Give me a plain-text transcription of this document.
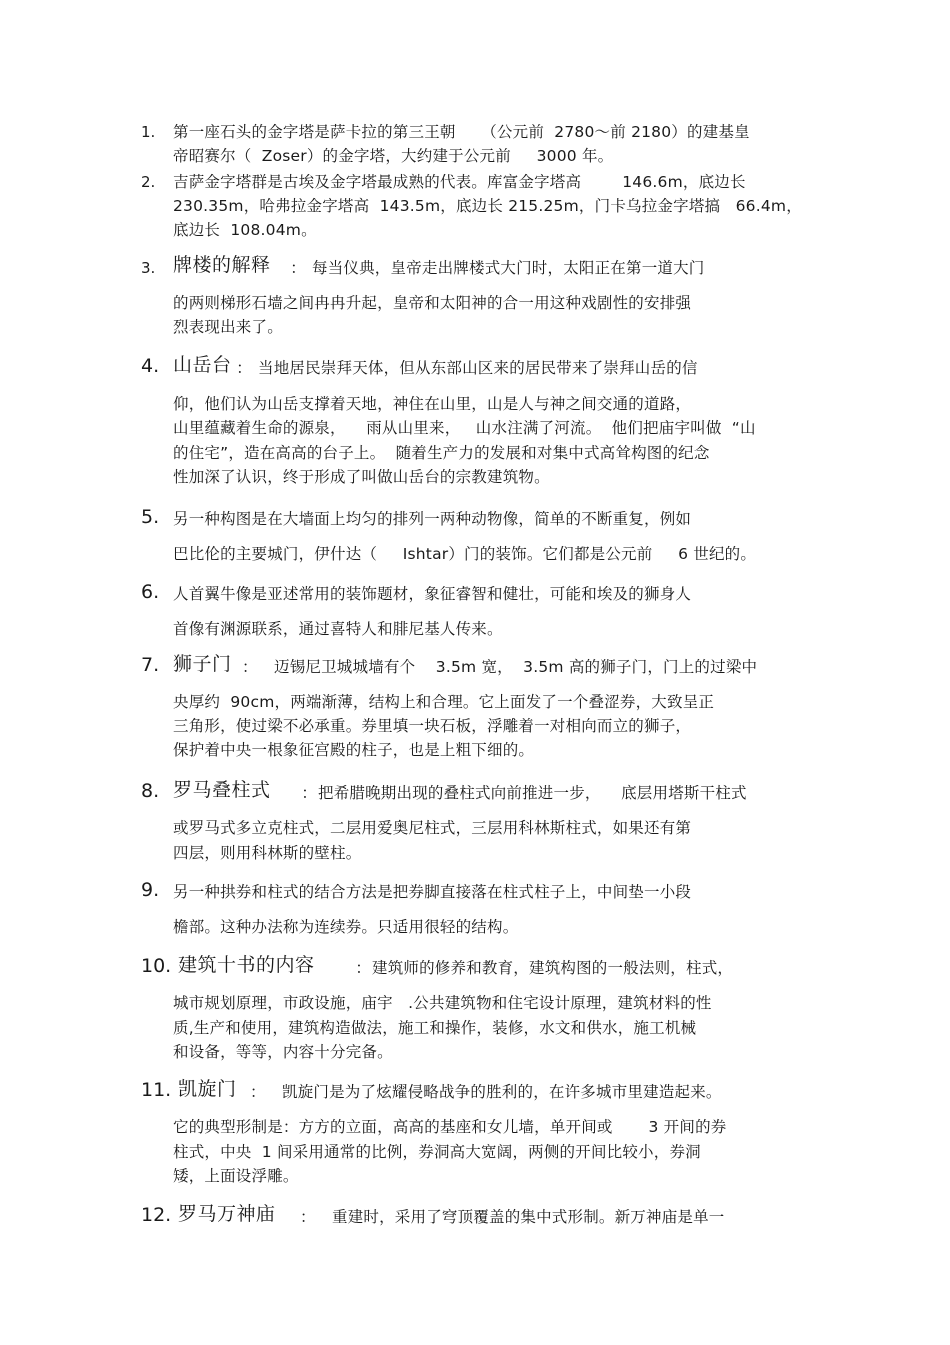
1. 第一座石头的金字塔是萨卡拉的第三王朝     （公元前  2780～前 2180）的建基皇
帝昭赛尔（  Zoser）的金字塔，大约建于公元前     3000 年。
2. 吉萨金字塔群是古埃及金字塔最成熟的代表。库富金字塔高        146.6m，底边长
230.35m，哈弗拉金字塔高  143.5m，底边长 215.25m，门卡乌拉金字塔搞   66.4m，
底边长  108.04m。
3. 牌楼的解释 ： 每当仪典，皇帝走出牌楼式大门时，太阳正在第一道大门
的两则梯形石墙之间冉冉升起，皇帝和太阳神的合一用这种戏剧性的安排强
烈表现出来了。
4. 山岳台
： 当地居民崇拜天体，但从东部山区来的居民带来了崇拜山岳的信
仰，他们认为山岳支撑着天地，神住在山里，山是人与神之间交通的道路，
山里蕴藏着生命的源泉，    雨从山里来，   山水注满了河流。  他们把庙宇叫做  “山
的住宅”，造在高高的台子上。  随着生产力的发展和对集中式高耸构图的纪念
性加深了认识，终于形成了叫做山岳台的宗教建筑物。
5. 另一种构图是在大墙面上均匀的排列一两种动物像，简单的不断重复，例如
巴比伦的主要城门，伊什达（     Ishtar）门的装饰。它们都是公元前     6 世纪的。
6. 人首翼牛像是亚述常用的装饰题材，象征睿智和健壮，可能和埃及的狮身人
首像有渊源联系，通过喜特人和腓尼基人传来。
7. 狮子门 ： 迈锡尼卫城城墙有个    3.5m 宽，  3.5m 高的狮子门，门上的过梁中
央厚约  90cm，两端渐薄，结构上和合理。它上面发了一个叠涩券，大致呈正
三角形，使过梁不必承重。券里填一块石板，浮雕着一对相向而立的狮子，
保护着中央一根象征宫殿的柱子，也是上粗下细的。
8. 罗马叠柱式 ： 把希腊晚期出现的叠柱式向前推进一步，    底层用塔斯干柱式
或罗马式多立克柱式，二层用爱奥尼柱式，三层用科林斯柱式，如果还有第
四层，则用科林斯的壁柱。
9. 另一种拱券和柱式的结合方法是把券脚直接落在柱式柱子上，中间垫一小段
檐部。这种办法称为连续券。只适用很轻的结构。
10. 建筑十书的内容 ： 建筑师的修养和教育，建筑构图的一般法则，柱式，
城市规划原理，市政设施，庙宇   .公共建筑物和住宅设计原理，建筑材料的性
质,生产和使用，建筑构造做法，施工和操作，装修，水文和供水，施工机械
和设备，等等，内容十分完备。
11. 凯旋门 ： 凯旋门是为了炫耀侵略战争的胜利的，在许多城市里建造起来。
它的典型形制是：方方的立面，高高的基座和女儿墙，单开间或       3 开间的券
柱式，中央  1 间采用通常的比例，券洞高大宽阔，两侧的开间比较小，券洞
矮，上面设浮雕。
12. 罗马万神庙 ： 重建时，采用了穹顶覆盖的集中式形制。新万神庙是单一
